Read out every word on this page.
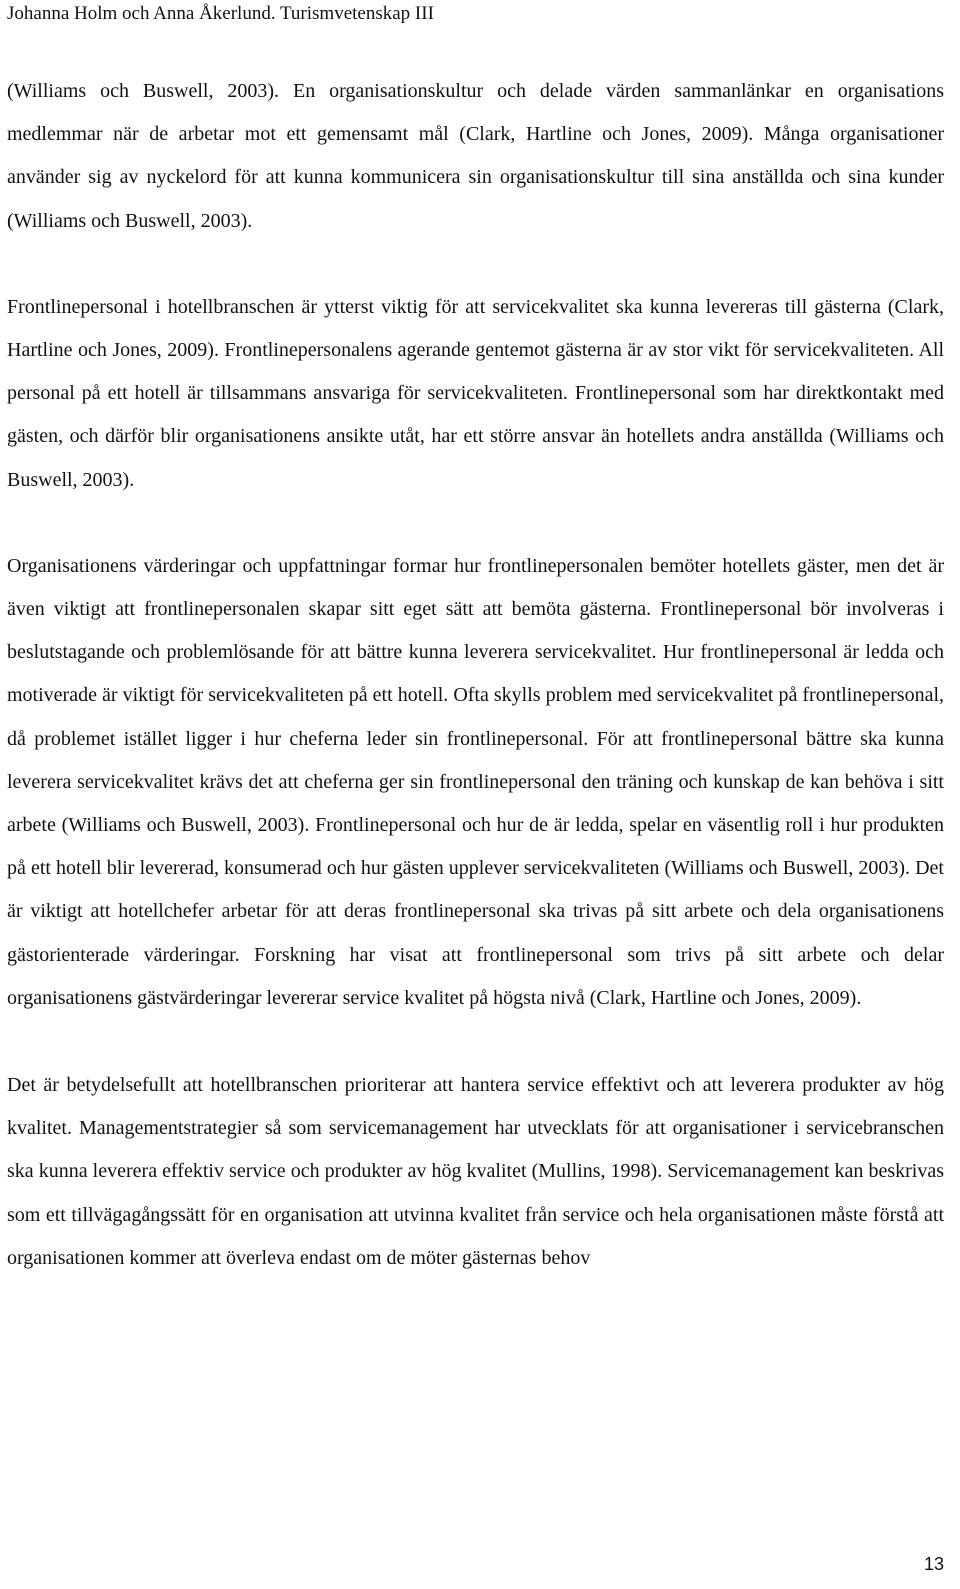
Johanna Holm och Anna Åkerlund. Turismvetenskap III

(Williams och Buswell, 2003). En organisationskultur och delade värden sammanlänkar en organisations medlemmar när de arbetar mot ett gemensamt mål (Clark, Hartline och Jones, 2009). Många organisationer använder sig av nyckelord för att kunna kommunicera sin organisationskultur till sina anställda och sina kunder (Williams och Buswell, 2003).

Frontlinepersonal i hotellbranschen är ytterst viktig för att servicekvalitet ska kunna levereras till gästerna (Clark, Hartline och Jones, 2009). Frontlinepersonalens agerande gentemot gästerna är av stor vikt för servicekvaliteten. All personal på ett hotell är tillsammans ansvariga för servicekvaliteten. Frontlinepersonal som har direktkontakt med gästen, och därför blir organisationens ansikte utåt, har ett större ansvar än hotellets andra anställda (Williams och Buswell, 2003).

Organisationens värderingar och uppfattningar formar hur frontlinepersonalen bemöter hotellets gäster, men det är även viktigt att frontlinepersonalen skapar sitt eget sätt att bemöta gästerna. Frontlinepersonal bör involveras i beslutstagande och problemlösande för att bättre kunna leverera servicekvalitet. Hur frontlinepersonal är ledda och motiverade är viktigt för servicekvaliteten på ett hotell. Ofta skylls problem med servicekvalitet på frontlinepersonal, då problemet istället ligger i hur cheferna leder sin frontlinepersonal. För att frontlinepersonal bättre ska kunna leverera servicekvalitet krävs det att cheferna ger sin frontlinepersonal den träning och kunskap de kan behöva i sitt arbete (Williams och Buswell, 2003). Frontlinepersonal och hur de är ledda, spelar en väsentlig roll i hur produkten på ett hotell blir levererad, konsumerad och hur gästen upplever servicekvaliteten (Williams och Buswell, 2003). Det är viktigt att hotellchefer arbetar för att deras frontlinepersonal ska trivas på sitt arbete och dela organisationens gästorienterade värderingar. Forskning har visat att frontlinepersonal som trivs på sitt arbete och delar organisationens gästvärderingar levererar service kvalitet på högsta nivå (Clark, Hartline och Jones, 2009).

Det är betydelsefullt att hotellbranschen prioriterar att hantera service effektivt och att leverera produkter av hög kvalitet. Managementstrategier så som servicemanagement har utvecklats för att organisationer i servicebranschen ska kunna leverera effektiv service och produkter av hög kvalitet (Mullins, 1998). Servicemanagement kan beskrivas som ett tillvägagångssätt för en organisation att utvinna kvalitet från service och hela organisationen måste förstå att organisationen kommer att överleva endast om de möter gästernas behov

13
